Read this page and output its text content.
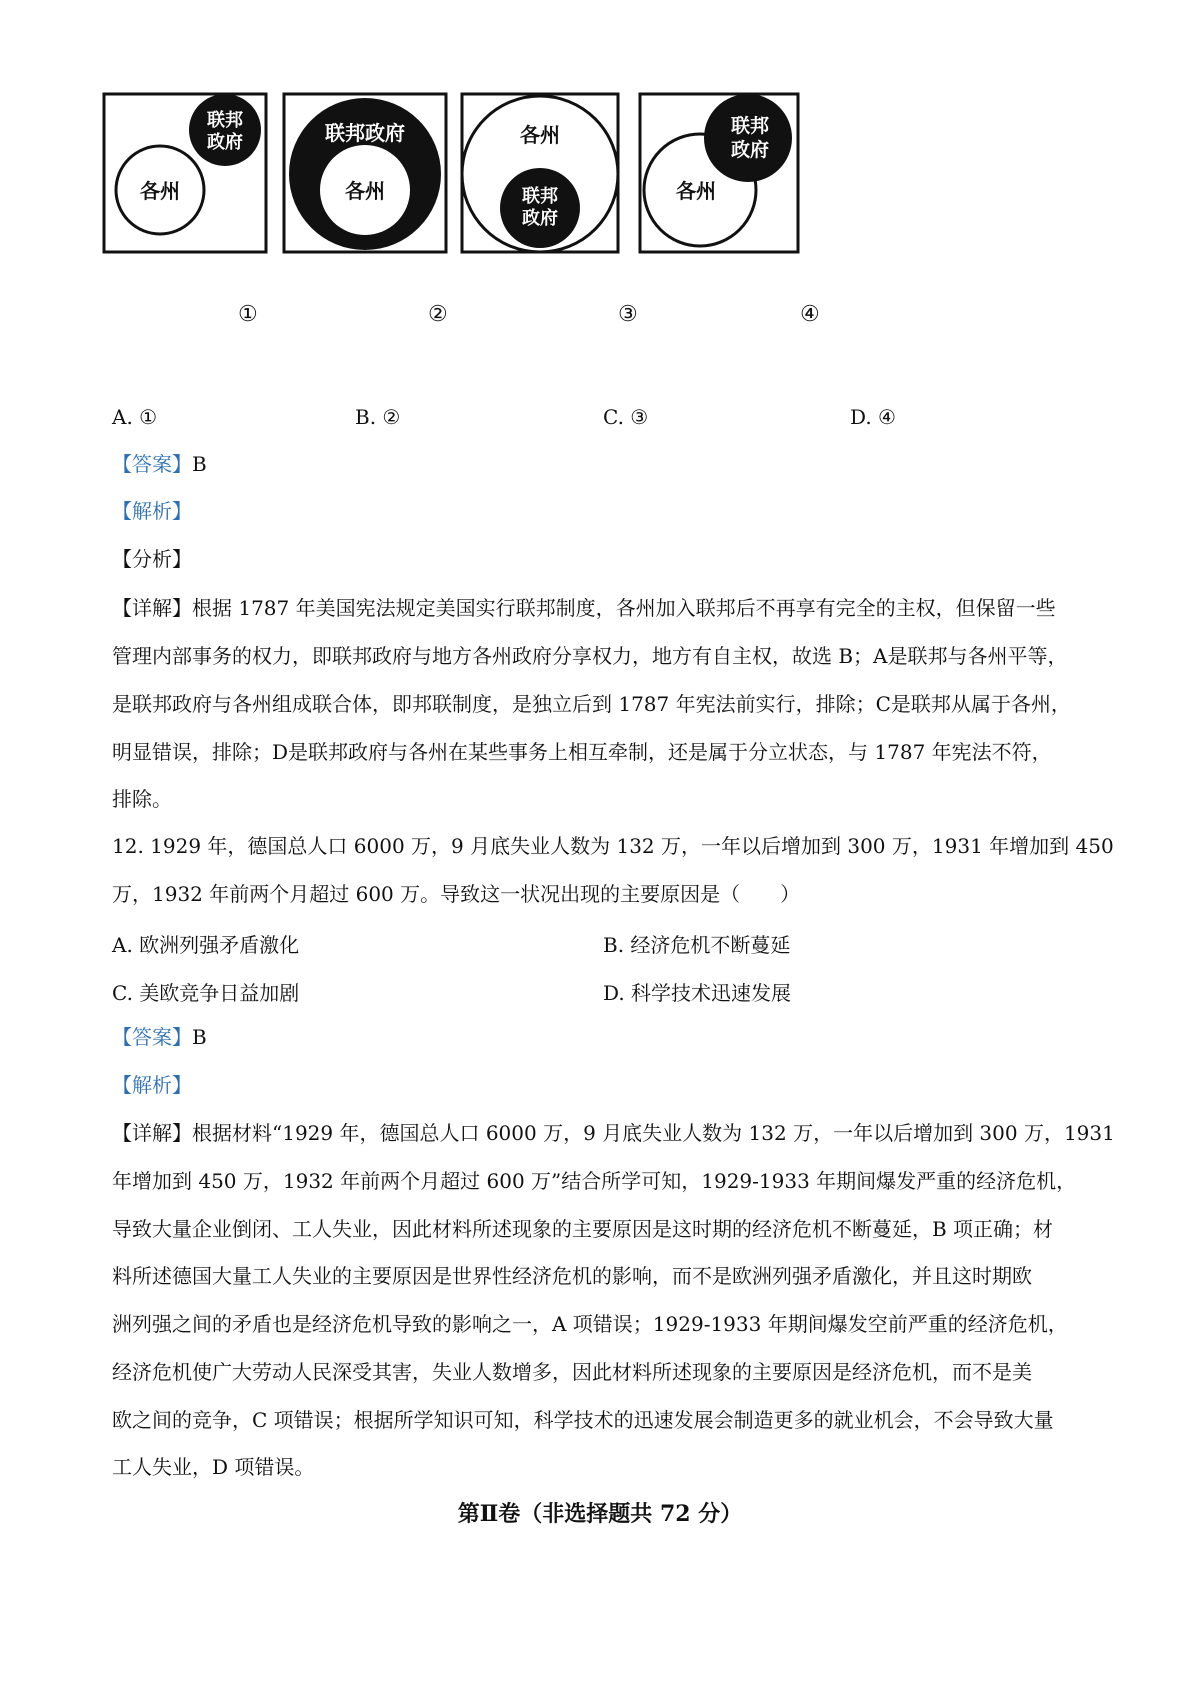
各州
联邦
政府	联邦政府
各州
各州
联邦
政府
各州
联邦
政府
①	②	③	④
A. ①	B. ②	C. ③	D. ④
【答案】B
【解析】
【分析】
【详解】根据 1787 年美国宪法规定美国实行联邦制度，各州加入联邦后不再享有完全的主权，但保留一些
管理内部事务的权力，即联邦政府与地方各州政府分享权力，地方有自主权，故选 B；A是联邦与各州平等，
是联邦政府与各州组成联合体，即邦联制度，是独立后到 1787 年宪法前实行，排除；C是联邦从属于各州，
明显错误，排除；D是联邦政府与各州在某些事务上相互牵制，还是属于分立状态，与 1787 年宪法不符，
排除。
12. 1929 年，德国总人口 6000 万，9 月底失业人数为 132 万，一年以后增加到 300 万，1931 年增加到 450
万，1932 年前两个月超过 600 万。导致这一状况出现的主要原因是（　　）
A. 欧洲列强矛盾激化	B. 经济危机不断蔓延
C. 美欧竞争日益加剧	D. 科学技术迅速发展
【答案】B
【解析】
【详解】根据材料“1929 年，德国总人口 6000 万，9 月底失业人数为 132 万，一年以后增加到 300 万，1931
年增加到 450 万，1932 年前两个月超过 600 万”结合所学可知，1929-1933 年期间爆发严重的经济危机，
导致大量企业倒闭、工人失业，因此材料所述现象的主要原因是这时期的经济危机不断蔓延，B 项正确；材
料所述德国大量工人失业的主要原因是世界性经济危机的影响，而不是欧洲列强矛盾激化，并且这时期欧
洲列强之间的矛盾也是经济危机导致的影响之一，A 项错误；1929-1933 年期间爆发空前严重的经济危机，
经济危机使广大劳动人民深受其害，失业人数增多，因此材料所述现象的主要原因是经济危机，而不是美
欧之间的竞争，C 项错误；根据所学知识可知，科学技术的迅速发展会制造更多的就业机会，不会导致大量
工人失业，D 项错误。
第Ⅱ卷（非选择题共 72 分）
